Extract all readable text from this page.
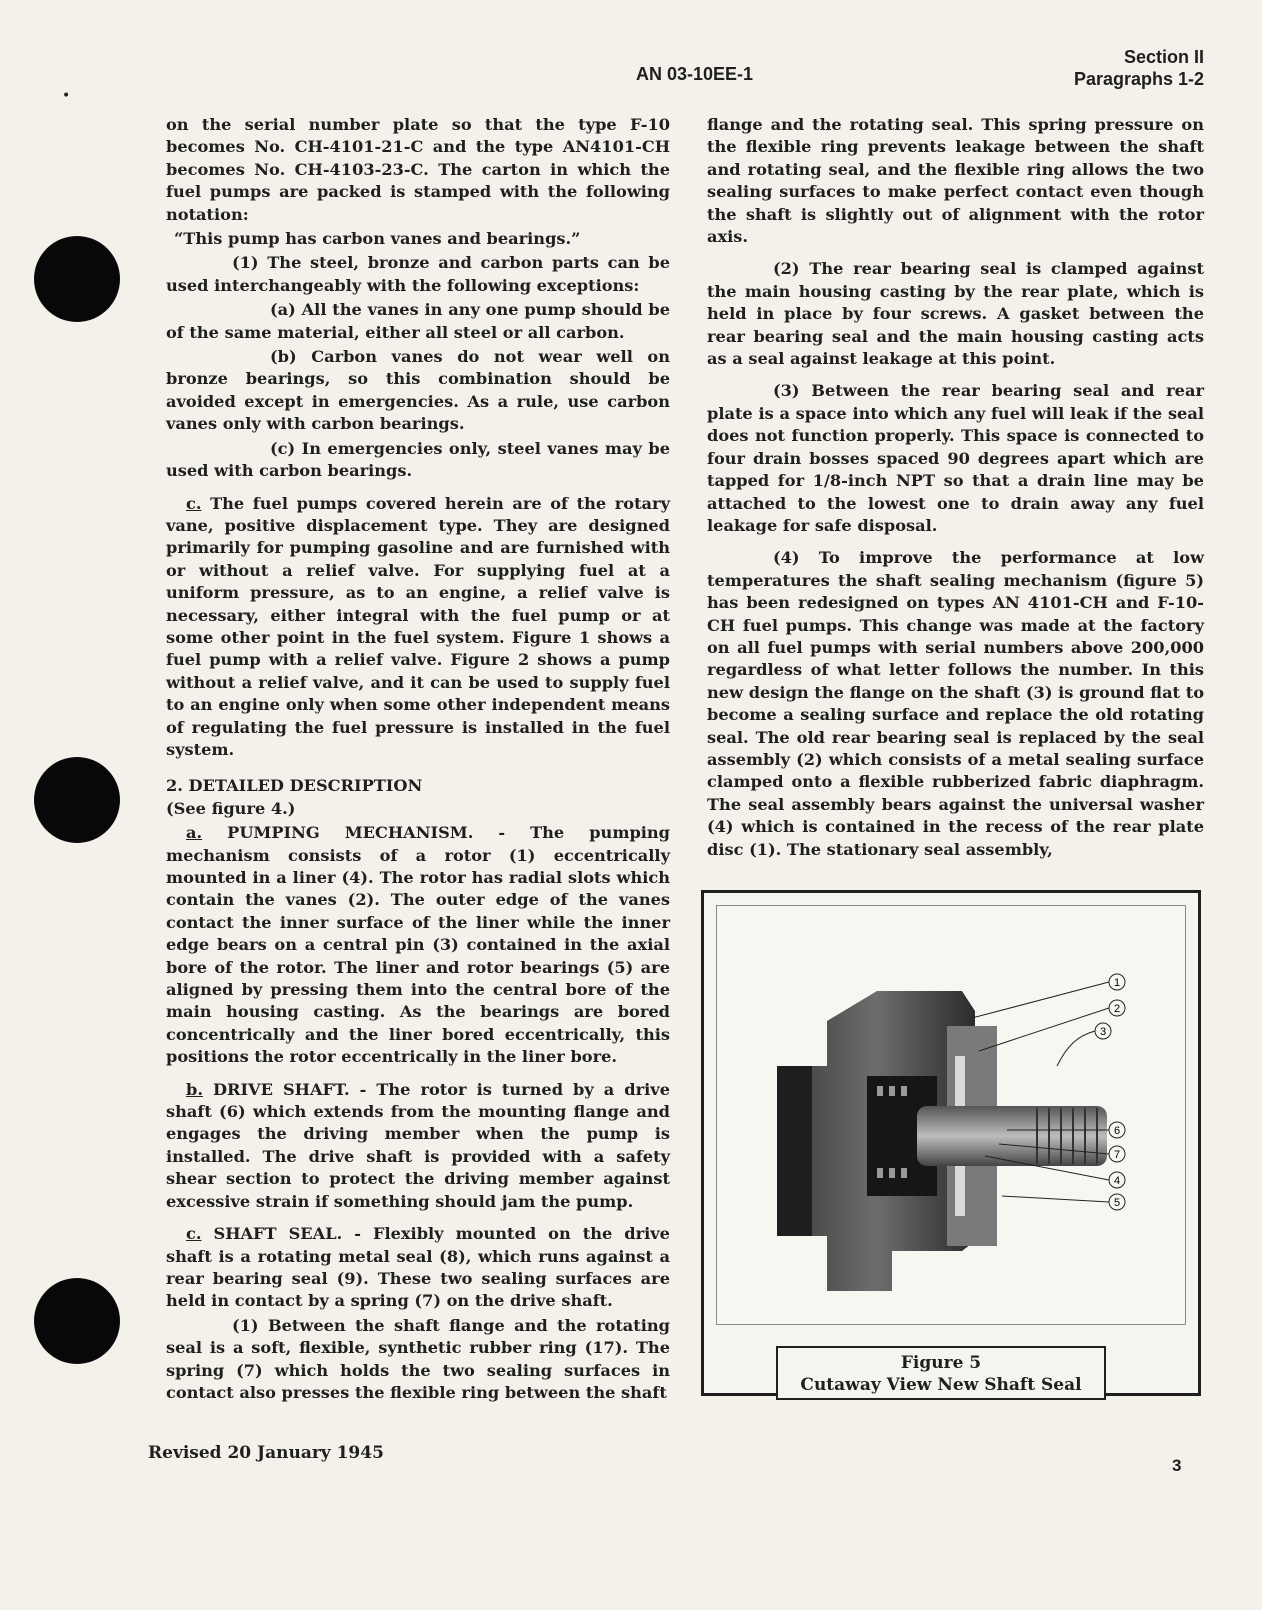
•
AN 03-10EE-1
Section II
Paragraphs 1-2

on the serial number plate so that the type F-10 becomes No. CH-4101-21-C and the type AN4101-CH becomes No. CH-4103-23-C. The carton in which the fuel pumps are packed is stamped with the following notation:

“This pump has carbon vanes and bearings.”

(1) The steel, bronze and carbon parts can be used interchangeably with the following exceptions:

(a) All the vanes in any one pump should be of the same material, either all steel or all carbon.

(b) Carbon vanes do not wear well on bronze bearings, so this combination should be avoided except in emergencies. As a rule, use carbon vanes only with carbon bearings.

(c) In emergencies only, steel vanes may be used with carbon bearings.

c. The fuel pumps covered herein are of the rotary vane, positive displacement type. They are designed primarily for pumping gasoline and are furnished with or without a relief valve. For supplying fuel at a uniform pressure, as to an engine, a relief valve is necessary, either integral with the fuel pump or at some other point in the fuel system. Figure 1 shows a fuel pump with a relief valve. Figure 2 shows a pump without a relief valve, and it can be used to supply fuel to an engine only when some other independent means of regulating the fuel pressure is installed in the fuel system.

2. DETAILED DESCRIPTION

(See figure 4.)

a. PUMPING MECHANISM. - The pumping mechanism consists of a rotor (1) eccentrically mounted in a liner (4). The rotor has radial slots which contain the vanes (2). The outer edge of the vanes contact the inner surface of the liner while the inner edge bears on a central pin (3) contained in the axial bore of the rotor. The liner and rotor bearings (5) are aligned by pressing them into the central bore of the main housing casting. As the bearings are bored concentrically and the liner bored eccentrically, this positions the rotor eccentrically in the liner bore.

b. DRIVE SHAFT. - The rotor is turned by a drive shaft (6) which extends from the mounting flange and engages the driving member when the pump is installed. The drive shaft is provided with a safety shear section to protect the driving member against excessive strain if something should jam the pump.

c. SHAFT SEAL. - Flexibly mounted on the drive shaft is a rotating metal seal (8), which runs against a rear bearing seal (9). These two sealing surfaces are held in contact by a spring (7) on the drive shaft.

(1) Between the shaft flange and the rotating seal is a soft, flexible, synthetic rubber ring (17). The spring (7) which holds the two sealing surfaces in contact also presses the flexible ring between the shaft

flange and the rotating seal. This spring pressure on the flexible ring prevents leakage between the shaft and rotating seal, and the flexible ring allows the two sealing surfaces to make perfect contact even though the shaft is slightly out of alignment with the rotor axis.

(2) The rear bearing seal is clamped against the main housing casting by the rear plate, which is held in place by four screws. A gasket between the rear bearing seal and the main housing casting acts as a seal against leakage at this point.

(3) Between the rear bearing seal and rear plate is a space into which any fuel will leak if the seal does not function properly. This space is connected to four drain bosses spaced 90 degrees apart which are tapped for 1/8-inch NPT so that a drain line may be attached to the lowest one to drain away any fuel leakage for safe disposal.

(4) To improve the performance at low temperatures the shaft sealing mechanism (figure 5) has been redesigned on types AN 4101-CH and F-10-CH fuel pumps. This change was made at the factory on all fuel pumps with serial numbers above 200,000 regardless of what letter follows the number. In this new design the flange on the shaft (3) is ground flat to become a sealing surface and replace the old rotating seal. The old rear bearing seal is replaced by the seal assembly (2) which consists of a metal sealing surface clamped onto a flexible rubberized fabric diaphragm. The seal assembly bears against the universal washer (4) which is contained in the recess of the rear plate disc (1). The stationary seal assembly,

1
2
3
6
7
4
5
Figure 5
Cutaway View New Shaft Seal
Revised 20 January 1945
3
